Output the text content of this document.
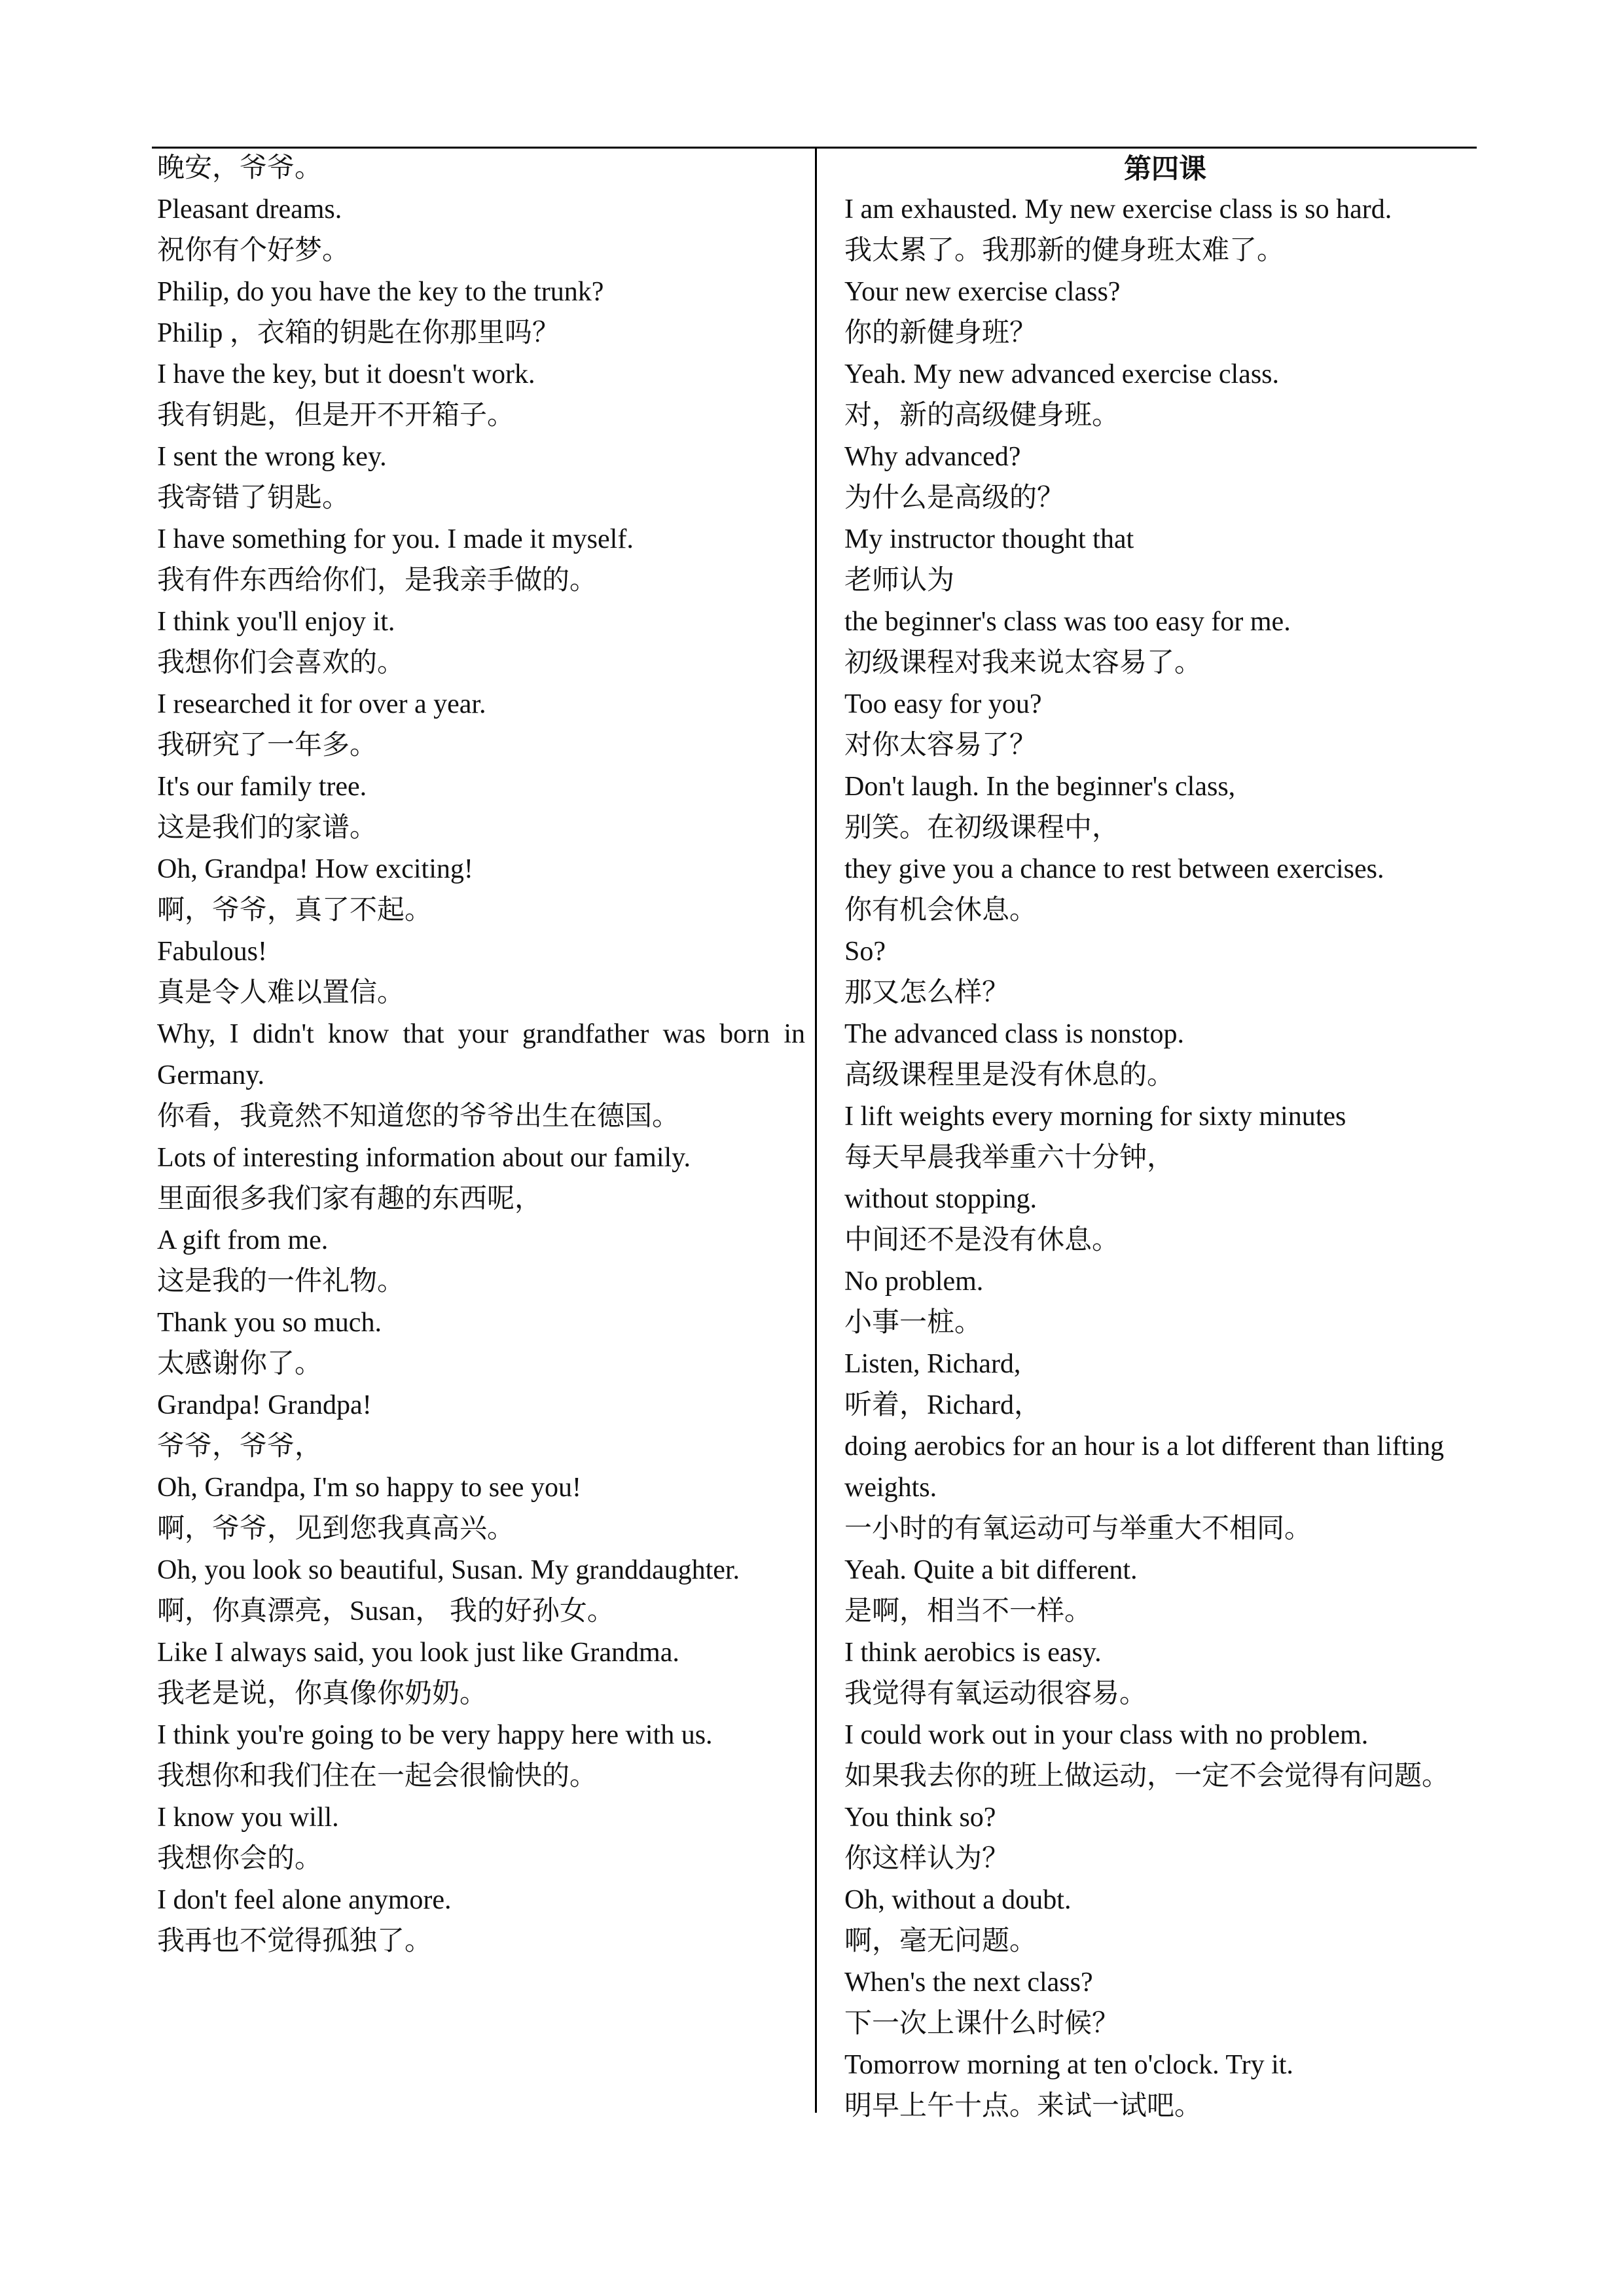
晚安，爷爷。
Pleasant dreams.
祝你有个好梦。
Philip, do you have the key to the trunk?
Philip ，衣箱的钥匙在你那里吗？
I have the key, but it doesn't work.
我有钥匙，但是开不开箱子。
I sent the wrong key.
我寄错了钥匙。
I have something for you. I made it myself.
我有件东西给你们，是我亲手做的。
I think you'll enjoy it.
我想你们会喜欢的。
I researched it for over a year.
我研究了一年多。
It's our family tree.
这是我们的家谱。
Oh, Grandpa! How exciting!
啊，爷爷，真了不起。
Fabulous!
真是令人难以置信。
Why, I didn't know that your grandfather was born in Germany.
你看，我竟然不知道您的爷爷出生在德国。
Lots of interesting information about our family.
里面很多我们家有趣的东西呢，
A gift from me.
这是我的一件礼物。
Thank you so much.
太感谢你了。
Grandpa! Grandpa!
爷爷，爷爷，
Oh, Grandpa, I'm so happy to see you!
啊，爷爷，见到您我真高兴。
Oh, you look so beautiful, Susan. My granddaughter.
啊，你真漂亮，Susan， 我的好孙女。
Like I always said, you look just like Grandma.
我老是说，你真像你奶奶。
I think you're going to be very happy here with us.
我想你和我们住在一起会很愉快的。
I know you will.
我想你会的。
I don't feel alone anymore.
我再也不觉得孤独了。
第四课
I am exhausted. My new exercise class is so hard.
我太累了。我那新的健身班太难了。
Your new exercise class?
你的新健身班？
Yeah. My new advanced exercise class.
对，新的高级健身班。
Why advanced?
为什么是高级的？
My instructor thought that
老师认为
the beginner's class was too easy for me.
初级课程对我来说太容易了。
Too easy for you?
对你太容易了？
Don't laugh. In the beginner's class,
别笑。在初级课程中，
they give you a chance to rest between exercises.
你有机会休息。
So?
那又怎么样？
The advanced class is nonstop.
高级课程里是没有休息的。
I lift weights every morning for sixty minutes
每天早晨我举重六十分钟，
without stopping.
中间还不是没有休息。
No problem.
小事一桩。
Listen, Richard,
听着，Richard，
doing aerobics for an hour is a lot different than lifting weights.
一小时的有氧运动可与举重大不相同。
Yeah. Quite a bit different.
是啊，相当不一样。
I think aerobics is easy.
我觉得有氧运动很容易。
I could work out in your class with no problem.
如果我去你的班上做运动，一定不会觉得有问题。
You think so?
你这样认为？
Oh, without a doubt.
啊，毫无问题。
When's the next class?
下一次上课什么时候？
Tomorrow morning at ten o'clock. Try it.
明早上午十点。来试一试吧。
